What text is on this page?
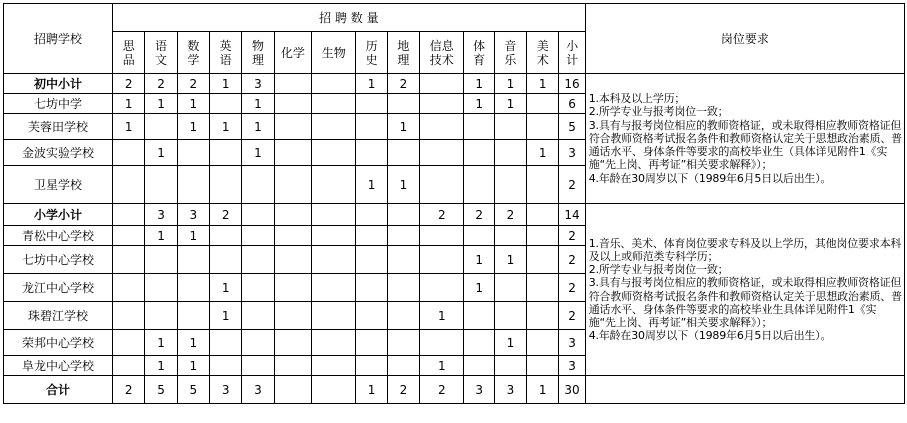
招聘学校	招 聘 数 量														岗位要求
	思品	语文	数学	英语	物理	化学	生物	历史	地理	信息技术	体育	音乐	美术	小计	
初中小计	2	2	2	1	3			1	2		1	1	1	16	1.本科及以上学历；
2.所学专业与报考岗位一致；
3.具有与报考岗位相应的教师资格证，或未取得相应教师资格证但符合教师资格考试报名条件和教师资格认定关于思想政治素质、普通话水平、身体条件等要求的高校毕业生（具体详见附件1《实施“先上岗、再考证”相关要求解释》）；
4.年龄在30周岁以下（1989年6月5日以后出生）。

七坊中学	1	1	1		1						1	1		6	
芙蓉田学校	1		1	1	1				1					5	
金波实验学校		1			1								1	3	
卫星学校								1	1					2	
小学小计		3	3	2						2	2	2		14	1.音乐、美术、体育岗位要求专科及以上学历，其他岗位要求本科及以上或师范类专科学历；
2.所学专业与报考岗位一致；
3.具有与报考岗位相应的教师资格证，或未取得相应教师资格证但符合教师资格考试报名条件和教师资格认定关于思想政治素质、普通话水平、身体条件等要求的高校毕业生具体详见附件1《实施“先上岗、再考证”相关要求解释》）；
4.年龄在30周岁以下（1989年6月5日以后出生）。

青松中心学校		1	1											2	
七坊中心学校											1	1		2	
龙江中心学校				1							1			2	
珠碧江学校				1						1				2	
荣邦中心学校		1	1									1		3	
阜龙中心学校		1	1							1				3	
合计	2	5	5	3	3			1	2	2	3	3	1	30	
